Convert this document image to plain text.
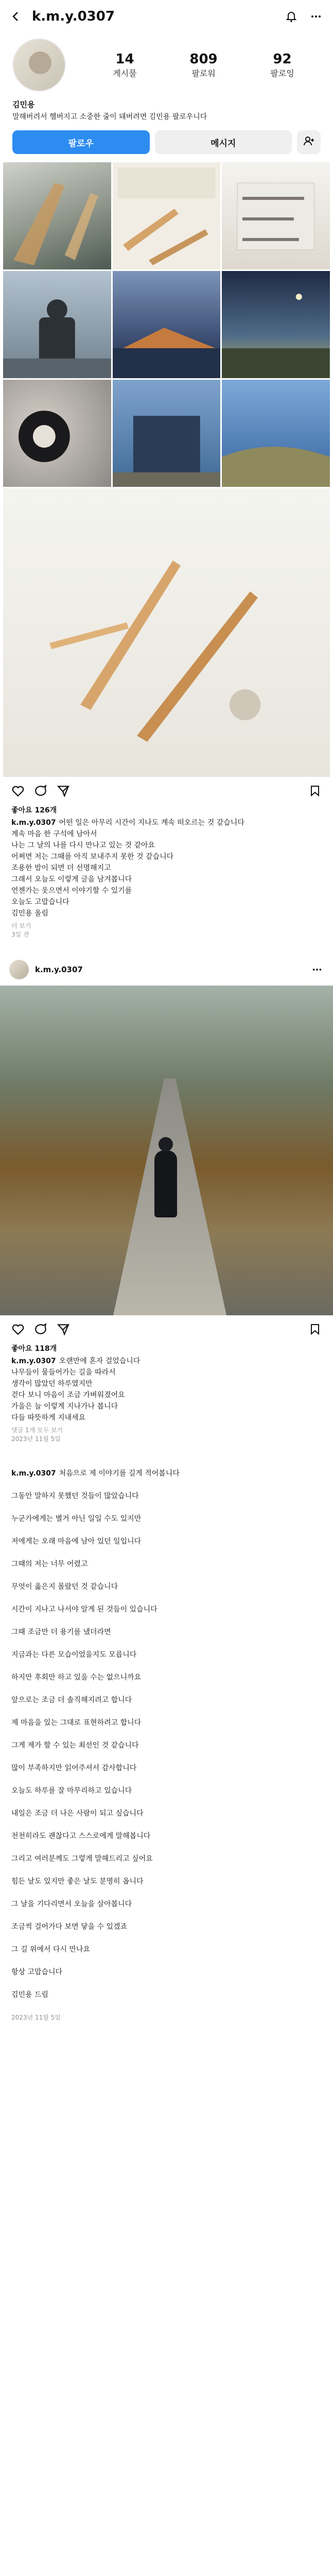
k.m.y.0307
14
게시물
809
팔로워
92
팔로잉
김민용
말해버려서 헬버지고 소중한 줄이 돼버려면 김민용 팔로우니다
팔로우	메시지
좋아요 126개
k.m.y.0307 어떤 일은 아무리 시간이 지나도 계속 떠오르는 것 같습니다
계속 마음 한 구석에 남아서
나는 그 날의 나를 다시 만나고 있는 것 같아요
어쩌면 저는 그때를 아직 보내주지 못한 것 같습니다
조용한 밤이 되면 더 선명해지고
그래서 오늘도 이렇게 글을 남겨봅니다
언젠가는 웃으면서 이야기할 수 있기를
오늘도 고맙습니다
김민용 올림
더 보기
3일 전
k.m.y.0307
좋아요 118개
k.m.y.0307 오랜만에 혼자 걸었습니다
나무들이 물들어가는 길을 따라서
생각이 많았던 하루였지만
걷다 보니 마음이 조금 가벼워졌어요
가을은 늘 이렇게 지나가나 봅니다
다들 따뜻하게 지내세요
댓글 1개 모두 보기
2023년 11월 5일
k.m.y.0307 처음으로 제 이야기를 길게 적어봅니다
그동안 말하지 못했던 것들이 많았습니다
누군가에게는 별거 아닌 일일 수도 있지만
저에게는 오래 마음에 남아 있던 일입니다
그때의 저는 너무 어렸고
무엇이 옳은지 몰랐던 것 같습니다
시간이 지나고 나서야 알게 된 것들이 있습니다
그때 조금만 더 용기를 냈더라면
지금과는 다른 모습이었을지도 모릅니다
하지만 후회만 하고 있을 수는 없으니까요
앞으로는 조금 더 솔직해지려고 합니다
제 마음을 있는 그대로 표현하려고 합니다
그게 제가 할 수 있는 최선인 것 같습니다
많이 부족하지만 읽어주셔서 감사합니다
오늘도 하루를 잘 마무리하고 있습니다
내일은 조금 더 나은 사람이 되고 싶습니다
천천히라도 괜찮다고 스스로에게 말해봅니다
그리고 여러분께도 그렇게 말해드리고 싶어요
힘든 날도 있지만 좋은 날도 분명히 옵니다
그 날을 기다리면서 오늘을 살아봅니다
조금씩 걸어가다 보면 닿을 수 있겠죠
그 길 위에서 다시 만나요
항상 고맙습니다
김민용 드림
2023년 11월 5일
